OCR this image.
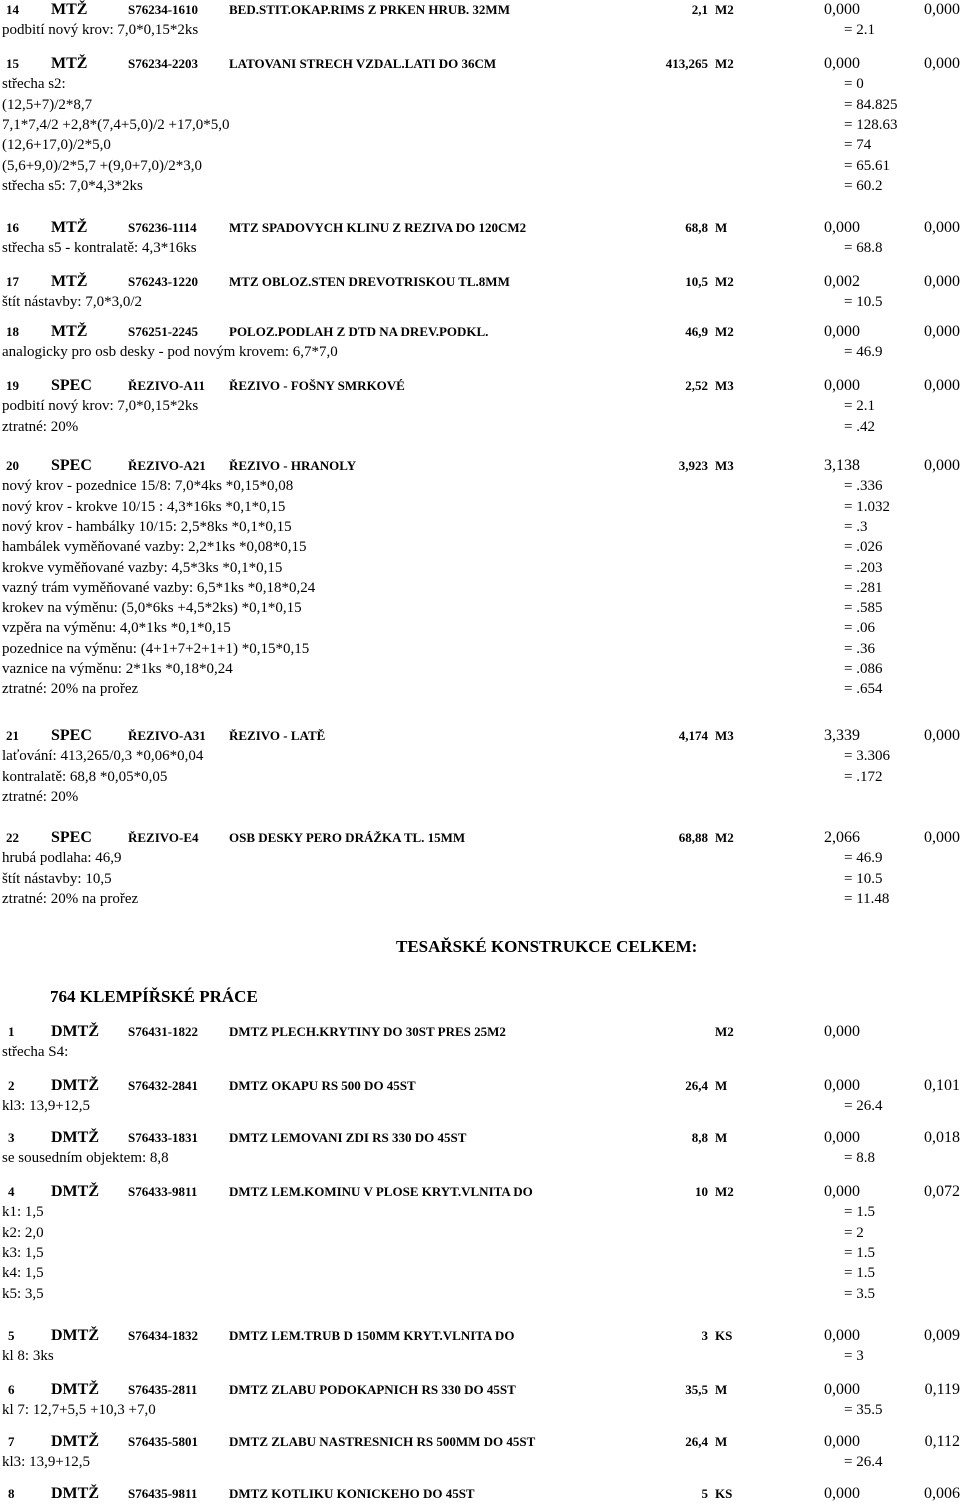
TESAŘSKÉ KONSTRUKCE CELKEM:
764 KLEMPÍŘSKÉ PRÁCE
14 MTŽ	S76234-1610 BED.STIT.OKAP.RIMS Z PRKEN HRUB. 32MM	2,1 M2	0,000	0,000
podbití nový krov: 7,0*0,15*2ks	= 2.1
15 MTŽ	S76234-2203 LATOVANI STRECH VZDAL.LATI DO 36CM	413,265 M2	0,000	0,000
střecha s2:	= 0
(12,5+7)/2*8,7	= 84.825
7,1*7,4/2 +2,8*(7,4+5,0)/2 +17,0*5,0	= 128.63
(12,6+17,0)/2*5,0	= 74
(5,6+9,0)/2*5,7 +(9,0+7,0)/2*3,0	= 65.61
střecha s5: 7,0*4,3*2ks	= 60.2
16 MTŽ	S76236-1114 MTZ SPADOVYCH KLINU Z REZIVA DO 120CM2	68,8 M	0,000	0,000
střecha s5 - kontralatě: 4,3*16ks	= 68.8
17 MTŽ	S76243-1220 MTZ OBLOZ.STEN DREVOTRISKOU TL.8MM	10,5 M2	0,002	0,000
štít nástavby: 7,0*3,0/2	= 10.5
18 MTŽ	S76251-2245 POLOZ.PODLAH Z DTD NA DREV.PODKL.	46,9 M2	0,000	0,000
analogicky pro osb desky - pod novým krovem: 6,7*7,0	= 46.9
19 SPEC	ŘEZIVO-A11 ŘEZIVO - FOŠNY SMRKOVÉ	2,52 M3	0,000	0,000
podbití nový krov: 7,0*0,15*2ks	= 2.1
ztratné: 20%	= .42
20 SPEC	ŘEZIVO-A21 ŘEZIVO - HRANOLY	3,923 M3	3,138	0,000
nový krov - pozednice 15/8: 7,0*4ks *0,15*0,08	= .336
nový krov - krokve 10/15 : 4,3*16ks *0,1*0,15	= 1.032
nový krov - hambálky 10/15: 2,5*8ks *0,1*0,15	= .3
hambálek vyměňované vazby: 2,2*1ks *0,08*0,15	= .026
krokve vyměňované vazby: 4,5*3ks *0,1*0,15	= .203
vazný trám vyměňované vazby: 6,5*1ks *0,18*0,24	= .281
krokev na výměnu: (5,0*6ks +4,5*2ks) *0,1*0,15	= .585
vzpěra na výměnu: 4,0*1ks *0,1*0,15	= .06
pozednice na výměnu: (4+1+7+2+1+1) *0,15*0,15	= .36
vaznice na výměnu: 2*1ks *0,18*0,24	= .086
ztratné: 20% na prořez	= .654
21 SPEC	ŘEZIVO-A31 ŘEZIVO - LATĚ	4,174 M3	3,339	0,000
laťování: 413,265/0,3 *0,06*0,04	= 3.306
kontralatě: 68,8 *0,05*0,05	= .172
ztratné: 20%
22 SPEC	ŘEZIVO-E4 OSB DESKY PERO DRÁŽKA TL. 15MM	68,88 M2	2,066	0,000
hrubá podlaha: 46,9	= 46.9
štít nástavby: 10,5	= 10.5
ztratné: 20% na prořez	= 11.48
1 DMTŽ S76431-1822 DMTZ PLECH.KRYTINY DO 30ST PRES 25M2	M2	0,000
střecha S4:
2 DMTŽ S76432-2841 DMTZ OKAPU RS 500 DO 45ST	26,4 M	0,000	0,101
kl3: 13,9+12,5	= 26.4
3 DMTŽ S76433-1831 DMTZ LEMOVANI ZDI RS 330 DO 45ST	8,8 M	0,000	0,018
se sousedním objektem: 8,8	= 8.8
4 DMTŽ S76433-9811 DMTZ LEM.KOMINU V PLOSE KRYT.VLNITA DO	10 M2	0,000	0,072
k1: 1,5	= 1.5
k2: 2,0	= 2
k3: 1,5	= 1.5
k4: 1,5	= 1.5
k5: 3,5	= 3.5
5 DMTŽ S76434-1832 DMTZ LEM.TRUB D 150MM KRYT.VLNITA DO	3 KS	0,000	0,009
kl 8: 3ks	= 3
6 DMTŽ S76435-2811 DMTZ ZLABU PODOKAPNICH RS 330 DO 45ST	35,5 M	0,000	0,119
kl 7: 12,7+5,5 +10,3 +7,0	= 35.5
7 DMTŽ S76435-5801 DMTZ ZLABU NASTRESNICH RS 500MM DO 45ST	26,4 M	0,000	0,112
kl3: 13,9+12,5	= 26.4
8 DMTŽ S76435-9811 DMTZ KOTLIKU KONICKEHO DO 45ST	5 KS	0,000	0,006
